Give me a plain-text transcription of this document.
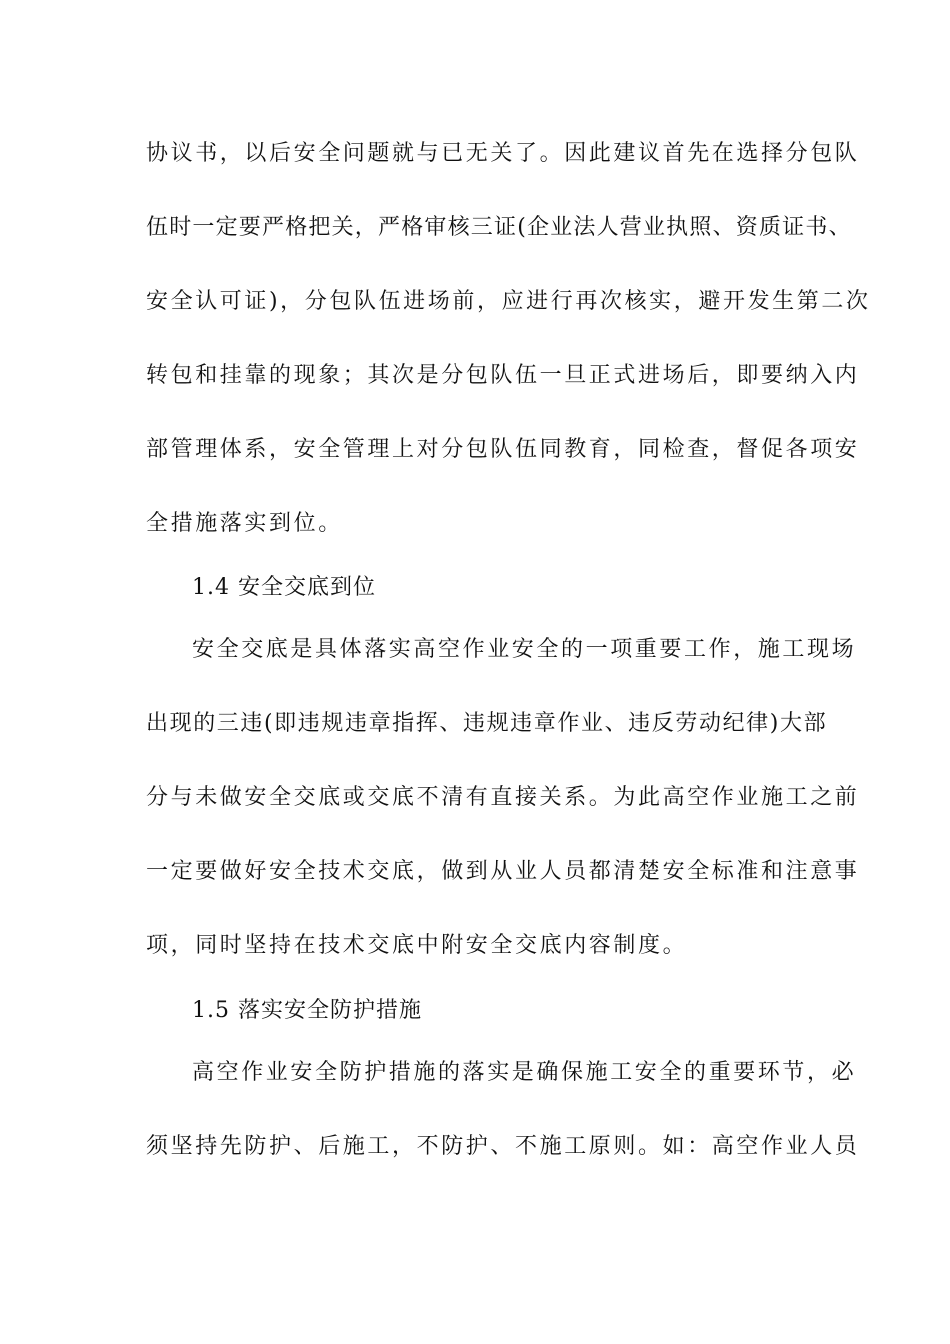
协议书，以后安全问题就与已无关了。因此建议首先在选择分包队
伍时一定要严格把关，严格审核三证(企业法人营业执照、资质证书、
安全认可证)，分包队伍进场前，应进行再次核实，避开发生第二次
转包和挂靠的现象；其次是分包队伍一旦正式进场后，即要纳入内
部管理体系，安全管理上对分包队伍同教育，同检查，督促各项安
全措施落实到位。
1.4 安全交底到位
安全交底是具体落实高空作业安全的一项重要工作，施工现场
出现的三违(即违规违章指挥、违规违章作业、违反劳动纪律)大部
分与未做安全交底或交底不清有直接关系。为此高空作业施工之前
一定要做好安全技术交底，做到从业人员都清楚安全标准和注意事
项，同时坚持在技术交底中附安全交底内容制度。
1.5 落实安全防护措施
高空作业安全防护措施的落实是确保施工安全的重要环节，必
须坚持先防护、后施工，不防护、不施工原则。如：高空作业人员
